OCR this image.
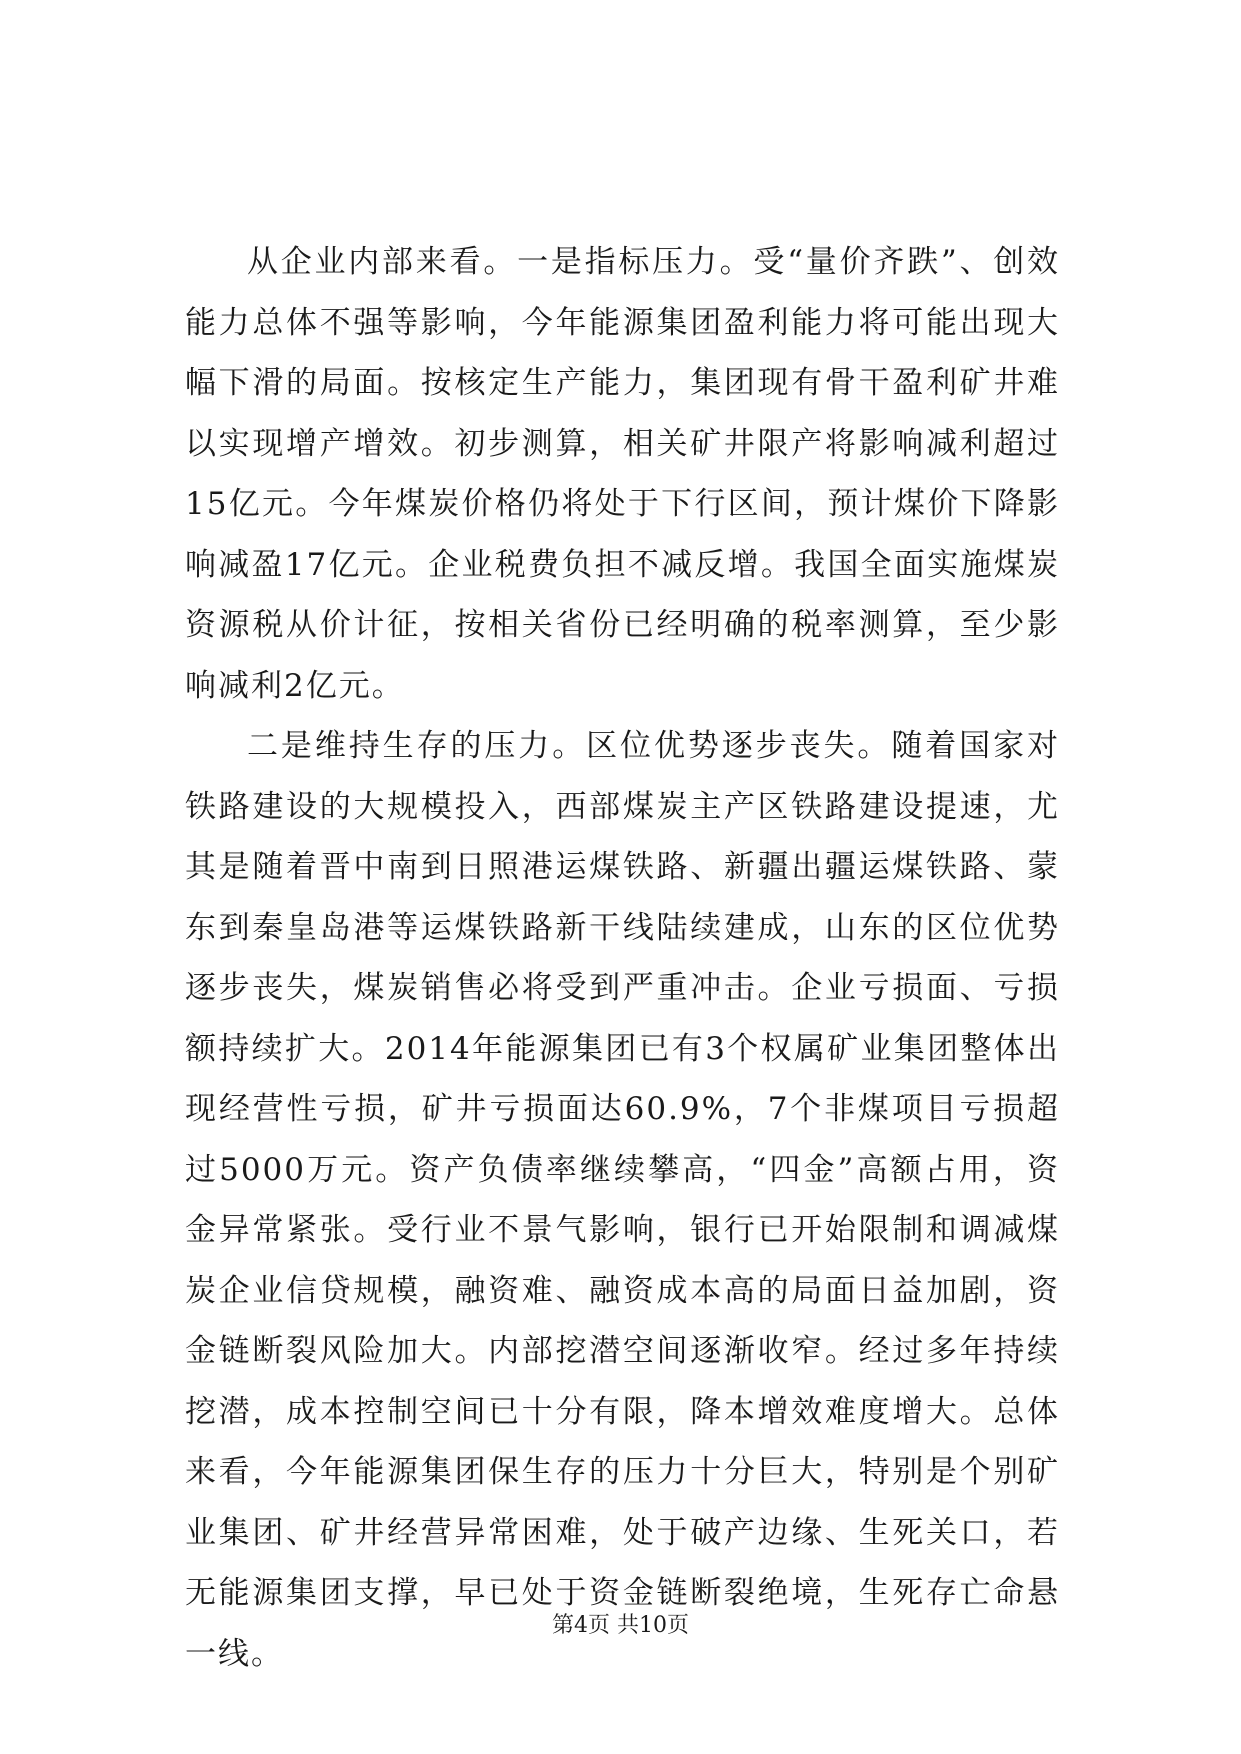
从企业内部来看。一是指标压力。受“量价齐跌”、创效能力总体不强等影响，今年能源集团盈利能力将可能出现大幅下滑的局面。按核定生产能力，集团现有骨干盈利矿井难以实现增产增效。初步测算，相关矿井限产将影响减利超过15亿元。今年煤炭价格仍将处于下行区间，预计煤价下降影响减盈17亿元。企业税费负担不减反增。我国全面实施煤炭资源税从价计征，按相关省份已经明确的税率测算，至少影响减利2亿元。

二是维持生存的压力。区位优势逐步丧失。随着国家对铁路建设的大规模投入，西部煤炭主产区铁路建设提速，尤其是随着晋中南到日照港运煤铁路、新疆出疆运煤铁路、蒙东到秦皇岛港等运煤铁路新干线陆续建成，山东的区位优势逐步丧失，煤炭销售必将受到严重冲击。企业亏损面、亏损额持续扩大。2014年能源集团已有3个权属矿业集团整体出现经营性亏损，矿井亏损面达60.9%，7个非煤项目亏损超过5000万元。资产负债率继续攀高，“四金”高额占用，资金异常紧张。受行业不景气影响，银行已开始限制和调减煤炭企业信贷规模，融资难、融资成本高的局面日益加剧，资金链断裂风险加大。内部挖潜空间逐渐收窄。经过多年持续挖潜，成本控制空间已十分有限，降本增效难度增大。总体来看，今年能源集团保生存的压力十分巨大，特别是个别矿业集团、矿井经营异常困难，处于破产边缘、生死关口，若无能源集团支撑，早已处于资金链断裂绝境，生死存亡命悬一线。

第4页 共10页
